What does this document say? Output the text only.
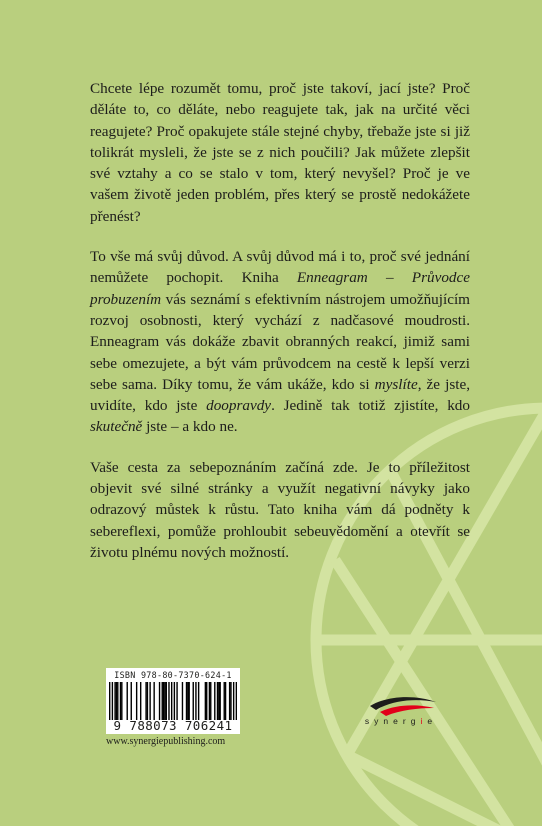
Chcete lépe rozumět tomu, proč jste takoví, jací jste? Proč děláte to, co děláte, nebo reagujete tak, jak na určité věci reagujete? Proč opakujete stále stejné chyby, třebaže jste si již tolikrát mysleli, že jste se z nich poučili? Jak můžete zlepšit své vztahy a co se stalo v tom, který nevyšel? Proč je ve vašem životě jeden problém, přes který se prostě nedokážete přenést?

To vše má svůj důvod. A svůj důvod má i to, proč své jednání nemůžete pochopit. Kniha Enneagram – Průvodce probuzením vás seznámí s efektivním nástrojem umožňujícím rozvoj osobnosti, který vychází z nadčasové moudrosti. Enneagram vás dokáže zbavit obranných reakcí, jimiž sami sebe omezujete, a být vám průvodcem na cestě k lepší verzi sebe sama. Díky tomu, že vám ukáže, kdo si myslíte, že jste, uvidíte, kdo jste doopravdy. Jedině tak totiž zjistíte, kdo skutečně jste – a kdo ne.

Vaše cesta za sebepoznáním začíná zde. Je to příležitost objevit své silné stránky a využít negativní návyky jako odrazový můstek k růstu. Tato kniha vám dá podněty k sebereflexi, pomůže prohloubit sebeuvědomění a otevřít se životu plnému nových možností.

ISBN 978-80-7370-624-1
9 788073 706241
www.synergiepublishing.com
synergie
